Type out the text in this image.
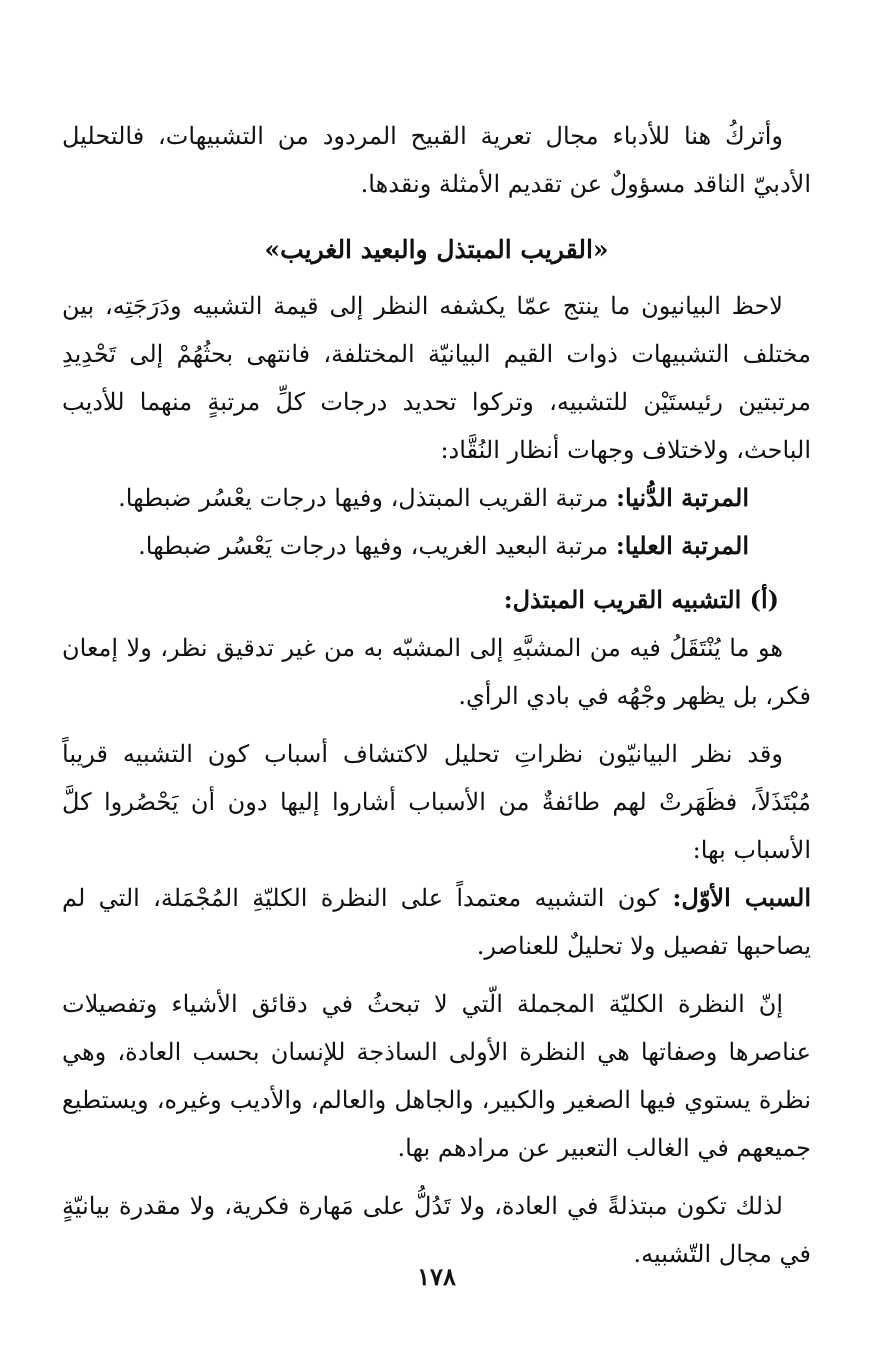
وأتركُ هنا للأدباء مجال تعرية القبيح المردود من التشبيهات، فالتحليل الأدبيّ الناقد مسؤولٌ عن تقديم الأمثلة ونقدها.

«القريب المبتذل والبعيد الغريب»

لاحظ البيانيون ما ينتج عمّا يكشفه النظر إلى قيمة التشبيه ودَرَجَتِه، بين مختلف التشبيهات ذوات القيم البيانيّة المختلفة، فانتهى بحثُهُمْ إلى تَحْدِيدِ مرتبتين رئيستَيْن للتشبيه، وتركوا تحديد درجات كلِّ مرتبةٍ منهما للأديب الباحث، ولاختلاف وجهات أنظار النُقَّاد:

المرتبة الدُّنيا: مرتبة القريب المبتذل، وفيها درجات يعْسُر ضبطها.

المرتبة العليا: مرتبة البعيد الغريب، وفيها درجات يَعْسُر ضبطها.

(أ) التشبيه القريب المبتذل:

هو ما يُنْتَقَلُ فيه من المشبَّهِ إلى المشبّه به من غير تدقيق نظر، ولا إمعان فكر، بل يظهر وجْهُه في بادي الرأي.

وقد نظر البيانيّون نظراتِ تحليل لاكتشاف أسباب كون التشبيه قريباً مُبْتَذَلاً، فظَهَرتْ لهم طائفةٌ من الأسباب أشاروا إليها دون أن يَحْصُروا كلَّ الأسباب بها:

السبب الأوّل: كون التشبيه معتمداً على النظرة الكليّةِ المُجْمَلة، التي لم يصاحبها تفصيل ولا تحليلٌ للعناصر.

إنّ النظرة الكليّة المجملة الّتي لا تبحثُ في دقائق الأشياء وتفصيلات عناصرها وصفاتها هي النظرة الأولى الساذجة للإنسان بحسب العادة، وهي نظرة يستوي فيها الصغير والكبير، والجاهل والعالم، والأديب وغيره، ويستطيع جميعهم في الغالب التعبير عن مرادهم بها.

لذلك تكون مبتذلةً في العادة، ولا تَدُلُّ على مَهارة فكرية، ولا مقدرة بيانيّةٍ في مجال التّشبيه.

١٧٨
